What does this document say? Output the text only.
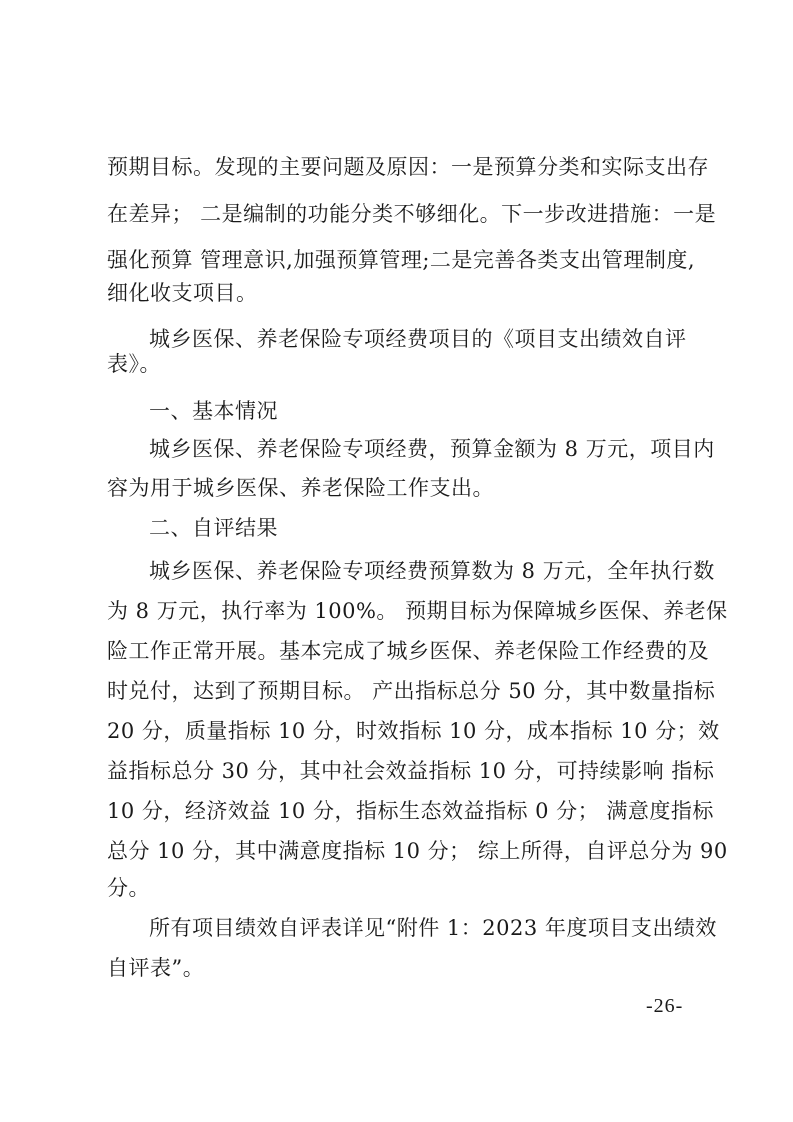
预期目标。发现的主要问题及原因：一是预算分类和实际支出存
在差异； 二是编制的功能分类不够细化。下一步改进措施：一是
强化预算 管理意识,加强预算管理;二是完善各类支出管理制度,
细化收支项目。
城乡医保、养老保险专项经费项目的《项目支出绩效自评
表》。
一、基本情况
城乡医保、养老保险专项经费，预算金额为 8 万元，项目内
容为用于城乡医保、养老保险工作支出。
二、自评结果
城乡医保、养老保险专项经费预算数为 8 万元，全年执行数
为 8 万元，执行率为 100%。 预期目标为保障城乡医保、养老保
险工作正常开展。基本完成了城乡医保、养老保险工作经费的及
时兑付，达到了预期目标。 产出指标总分 50 分，其中数量指标
20 分，质量指标 10 分，时效指标 10 分，成本指标 10 分；效
益指标总分 30 分，其中社会效益指标 10 分，可持续影响 指标
10 分，经济效益 10 分，指标生态效益指标 0 分； 满意度指标
总分 10 分，其中满意度指标 10 分； 综上所得，自评总分为 90
分。
所有项目绩效自评表详见“附件 1：2023 年度项目支出绩效
自评表”。
-26-
